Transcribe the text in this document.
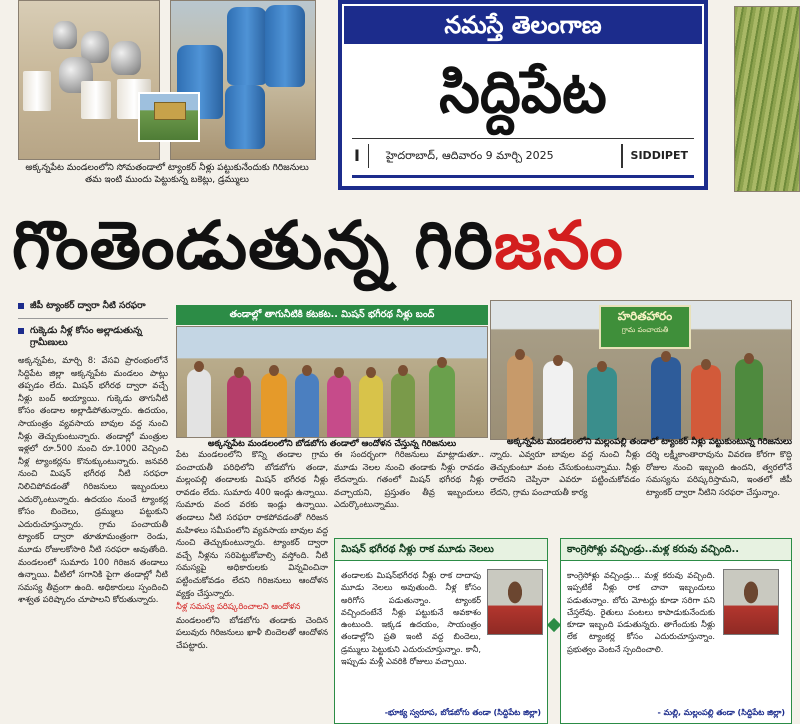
అక్కన్నపేట మండలంలోని సోమతండాలో ట్యాంకర్ నీళ్లు పట్టుకునేందుకు గిరిజనులు తమ ఇంటి ముందు పెట్టుకున్న బకెట్లు, డ్రమ్ములు
నమస్తే తెలంగాణ
సిద్దిపేట
I	హైదరాబాద్, ఆదివారం 9 మార్చి 2025	SIDDIPET
గొంతెండుతున్న గిరిజనం
జీపీ ట్యాంకర్ ద్వారా నీటి సరఫరా
గుక్కెడు నీళ్ల కోసం అల్లాడుతున్న గ్రామీణులు

అక్కన్నపేట, మార్చి 8: వేసవి ప్రారంభంలోనే సిద్దిపేట జిల్లా అక్కన్నపేట మండలం పాట్లు తప్పడం లేదు. మిషన్ భగీరథ ద్వారా వచ్చే నీళ్లు బంద్ అయ్యాయి. గుక్కెడు తాగునీటి కోసం తండాల అల్లాడిపోతున్నారు. ఉదయం, సాయంత్రం వ్యవసాయ బావుల వద్ద నుంచి నీళ్లు తెచ్చుకుంటున్నారు. తండాల్లో మంత్రుల ఇళ్లలో రూ.500 నుంచి రూ.1000 వెచ్చించి నీళ్ల ట్యాంకర్లను కొనుక్కుంటున్నారు. జనవరి నుంచి మిషన్ భగీరథ నీటి సరఫరా నిలిచిపోవడంతో గిరిజనులు ఇబ్బందులు ఎదుర్కొంటున్నారు. ఉదయం నుంచే ట్యాంకర్ల కోసం బిందెలు, డ్రమ్ములు పట్టుకుని ఎదురుచూస్తున్నారు. గ్రామ పంచాయతీ ట్యాంకర్ ద్వారా తూతూమంత్రంగా రెండు, మూడు రోజులకోసారి నీటి సరఫరా అవుతోంది. మండలంలో సుమారు 100 గిరిజన తండాలు ఉన్నాయి. వీటిలో సగానికి పైగా తండాల్లో నీటి సమస్య తీవ్రంగా ఉంది. అధికారులు స్పందించి శాశ్వత పరిష్కారం చూపాలని కోరుతున్నారు.

తండాల్లో తాగునీటికి కటకట.. మిషన్ భగీరథ నీళ్లు బంద్
అక్కన్నపేట మండలంలోని బోడబోగు తండాలో ఆందోళన చేస్తున్న గిరిజనులు
హరితహారం
గ్రామ పంచాయతీ
అక్కన్నపేట మండలంలోని మల్లంపల్లి తండాలో ట్యాంకర్ నీళ్లు పట్టుకుంటున్న గిరిజనులు

పేట మండలంలోని కొన్ని తండాల గ్రామ పంచాయతీ పరిధిలోని బోడబోగు తండా, మల్లంపల్లి తండాలకు మిషన్ భగీరథ నీళ్లు రావడం లేదు. సుమారు 400 ఇండ్లు ఉన్నాయి. సుమారు వంద వరకు ఇండ్లు ఉన్నాయి. తండాలు నీటి సరఫరా రాకపోవడంతో గిరిజన మహిళలు సమీపంలోని వ్యవసాయ బావుల వద్ద నుంచి తెచ్చుకుంటున్నారు. ట్యాంకర్ ద్వారా వచ్చే నీళ్లను సరిపెట్టుకోవాల్సి వస్తోంది. నీటి సమస్యపై అధికారులకు విన్నవించినా పట్టించుకోవడం లేదని గిరిజనులు ఆందోళన వ్యక్తం చేస్తున్నారు.

నీళ్ల సమస్య పరిష్కరించాలని ఆందోళన

మండలంలోని బోడబోగు తండాకు చెందిన పలువురు గిరిజనులు ఖాళీ బిందెలతో ఆందోళన చేపట్టారు.

ఈ సందర్భంగా గిరిజనులు మాట్లాడుతూ.. మూడు నెలల నుంచి తండాకు నీళ్లు రావడం లేదన్నారు. గతంలో మిషన్ భగీరథ నీళ్లు వచ్చాయని, ప్రస్తుతం తీవ్ర ఇబ్బందులు ఎదుర్కొంటున్నాము.

న్నారు. ఎవ్వరూ బావుల వద్ద నుంచి నీళ్లు తెచ్చుకుంటూ వంట చేసుకుంటున్నాము. నీళ్లు రాలేదని చెప్పినా ఎవరూ పట్టించుకోవడం లేదని, గ్రామ పంచాయతీ కార్య

దర్శి లక్ష్మీకాంతారావును వివరణ కోరగా కొద్ది రోజుల నుంచి ఇబ్బంది ఉందని, త్వరలోనే సమస్యను పరిష్కరిస్తామని, ఇంతలో జీపీ ట్యాంకర్ ద్వారా నీటిని సరఫరా చేస్తున్నాం.

మిషన్ భగీరథ నీళ్లు రాక మూడు నెలలు
తండాలకు మిషన్‌భగీరథ నీళ్లు రాక దాదాపు మూడు నెలలు అవుతుంది. నీళ్ల కోసం అరిగోస పడుతున్నాం. ట్యాంకర్ వచ్చిందంటేనే నీళ్లు పట్టుకునే అవకాశం ఉంటుంది. ఇక్కడ ఉదయం, సాయంత్రం తండాల్లోని ప్రతి ఇంటి వద్ద బిందెలు, డ్రమ్ములు పెట్టుకుని ఎదురుచూస్తున్నాం. కానీ, ఇప్పుడు మళ్లీ ఎవరికి రోజులు వచ్చాయి.
-భూక్య స్వరూప, బోడబోగు తండా (సిద్దిపేట జిల్లా)
కాంగ్రెసోళ్లు వచ్చిండ్రు..మళ్ల కరువు వచ్చింది..
కాంగ్రెసోళ్లు వచ్చిండ్రు... మళ్ల కరువు వచ్చింది. ఇప్పటికే నీళ్లు రాక చానా ఇబ్బందులు పడుతున్నాం. బోరు మోటర్లు కూడా సరిగా పని చేస్తలేవు. రైతులు పంటలు కాపాడుకునేందుకు కూడా ఇబ్బంది పడుతున్నరు. తాగేందుకు నీళ్లు లేక ట్యాంకర్ల కోసం ఎదురుచూస్తున్నాం. ప్రభుత్వం వెంటనే స్పందించాలి.
- మల్లి, మల్లంపల్లి తండా (సిద్దిపేట జిల్లా)
